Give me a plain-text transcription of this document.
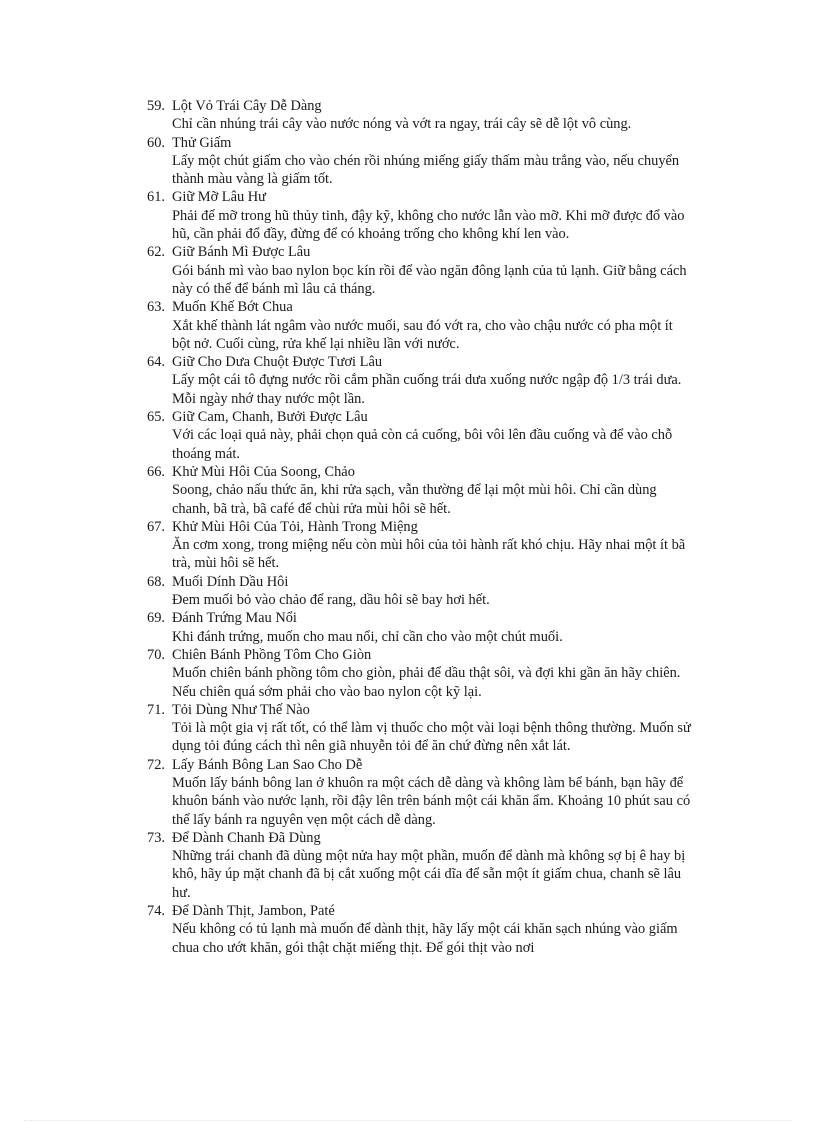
59. Lột Vỏ Trái Cây Dễ Dàng
Chỉ cần nhúng trái cây vào nước nóng và vớt ra ngay, trái cây sẽ dễ lột vô cùng.
60. Thử Giấm
Lấy một chút giấm cho vào chén rồi nhúng miếng giấy thấm màu trắng vào, nếu chuyển thành màu vàng là giấm tốt.
61. Giữ Mỡ Lâu Hư
Phải để mỡ trong hũ thủy tinh, đậy kỹ, không cho nước lẫn vào mỡ. Khi mỡ được đổ vào hũ, cần phải đổ đầy, đừng để có khoảng trống cho không khí len vào.
62. Giữ Bánh Mì Được Lâu
Gói bánh mì vào bao nylon bọc kín rồi để vào ngăn đông lạnh của tủ lạnh. Giữ bằng cách này có thể để bánh mì lâu cả tháng.
63. Muốn Khế Bớt Chua
Xắt khế thành lát ngâm vào nước muối, sau đó vớt ra, cho vào chậu nước có pha một ít bột nở. Cuối cùng, rửa khế lại nhiều lần với nước.
64. Giữ Cho Dưa Chuột Được Tươi Lâu
Lấy một cái tô đựng nước rồi cắm phần cuống trái dưa xuống nước ngập độ 1/3 trái dưa. Mỗi ngày nhớ thay nước một lần.
65. Giữ Cam, Chanh, Bưởi Được Lâu
Với các loại quả này, phải chọn quả còn cả cuống, bôi vôi lên đầu cuống và để vào chỗ thoáng mát.
66. Khử Mùi Hôi Của Soong, Chảo
Soong, chảo nấu thức ăn, khi rửa sạch, vẫn thường để lại một mùi hôi. Chỉ cần dùng chanh, bã trà, bã café để chùi rửa mùi hôi sẽ hết.
67. Khử Mùi Hôi Của Tỏi, Hành Trong Miệng
Ăn cơm xong, trong miệng nếu còn mùi hôi của tỏi hành rất khó chịu. Hãy nhai một ít bã trà, mùi hôi sẽ hết.
68. Muối Dính Dầu Hôi
Đem muối bỏ vào chảo để rang, dầu hôi sẽ bay hơi hết.
69. Đánh Trứng Mau Nổi
Khi đánh trứng, muốn cho mau nổi, chỉ cần cho vào một chút muối.
70. Chiên Bánh Phồng Tôm Cho Giòn
Muốn chiên bánh phồng tôm cho giòn, phải để dầu thật sôi, và đợi khi gần ăn hãy chiên. Nếu chiên quá sớm phải cho vào bao nylon cột kỹ lại.
71. Tỏi Dùng Như Thế Nào
Tỏi là một gia vị rất tốt, có thể làm vị thuốc cho một vài loại bệnh thông thường. Muốn sử dụng tỏi đúng cách thì nên giã nhuyễn tỏi để ăn chứ đừng nên xắt lát.
72. Lấy Bánh Bông Lan Sao Cho Dễ
Muốn lấy bánh bông lan ở khuôn ra một cách dễ dàng và không làm bể bánh, bạn hãy để khuôn bánh vào nước lạnh, rồi đậy lên trên bánh một cái khăn ẩm. Khoảng 10 phút sau có thể lấy bánh ra nguyên vẹn một cách dễ dàng.
73. Để Dành Chanh Đã Dùng
Những trái chanh đã dùng một nửa hay một phần, muốn để dành mà không sợ bị ê hay bị khô, hãy úp mặt chanh đã bị cắt xuống một cái dĩa để sẵn một ít giấm chua, chanh sẽ lâu hư.
74. Để Dành Thịt, Jambon, Paté
Nếu không có tủ lạnh mà muốn để dành thịt, hãy lấy một cái khăn sạch nhúng vào giấm chua cho ướt khăn, gói thật chặt miếng thịt. Để gói thịt vào nơi
